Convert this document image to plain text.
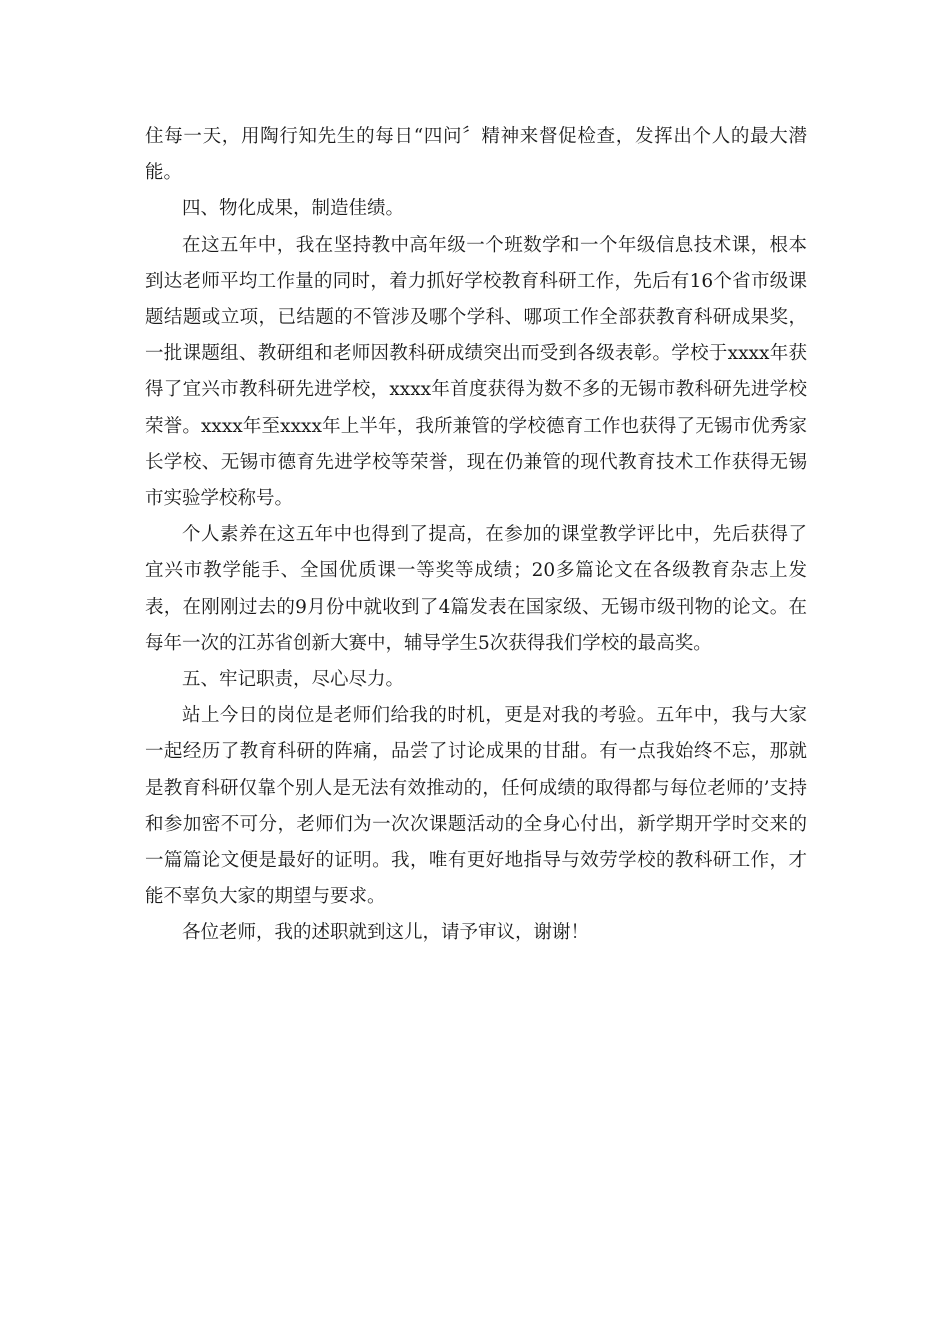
住每一天，用陶行知先生的每日“四问〞精神来督促检查，发挥出个人的最大潜能。

四、物化成果，制造佳绩。

在这五年中，我在坚持教中高年级一个班数学和一个年级信息技术课，根本到达老师平均工作量的同时，着力抓好学校教育科研工作，先后有16个省市级课题结题或立项，已结题的不管涉及哪个学科、哪项工作全部获教育科研成果奖，一批课题组、教研组和老师因教科研成绩突出而受到各级表彰。学校于xxxx年获得了宜兴市教科研先进学校，xxxx年首度获得为数不多的无锡市教科研先进学校荣誉。xxxx年至xxxx年上半年，我所兼管的学校德育工作也获得了无锡市优秀家长学校、无锡市德育先进学校等荣誉，现在仍兼管的现代教育技术工作获得无锡市实验学校称号。

个人素养在这五年中也得到了提高，在参加的课堂教学评比中，先后获得了宜兴市教学能手、全国优质课一等奖等成绩；20多篇论文在各级教育杂志上发表，在刚刚过去的9月份中就收到了4篇发表在国家级、无锡市级刊物的论文。在每年一次的江苏省创新大赛中，辅导学生5次获得我们学校的最高奖。

五、牢记职责，尽心尽力。

站上今日的岗位是老师们给我的时机，更是对我的考验。五年中，我与大家一起经历了教育科研的阵痛，品尝了讨论成果的甘甜。有一点我始终不忘，那就是教育科研仅靠个别人是无法有效推动的，任何成绩的取得都与每位老师的’支持和参加密不可分，老师们为一次次课题活动的全身心付出，新学期开学时交来的一篇篇论文便是最好的证明。我，唯有更好地指导与效劳学校的教科研工作，才能不辜负大家的期望与要求。

各位老师，我的述职就到这儿，请予审议，谢谢！
